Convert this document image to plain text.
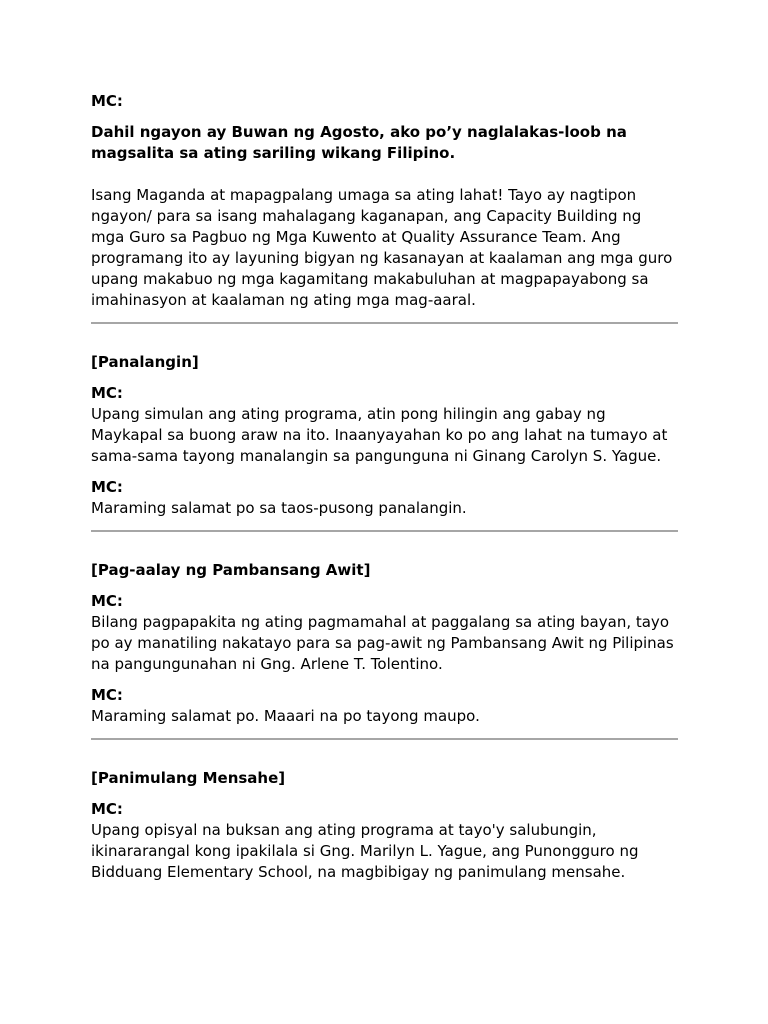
MC:

Dahil ngayon ay Buwan ng Agosto, ako po’y naglalakas-loob na magsalita sa ating sariling wikang Filipino.

Isang Maganda at mapagpalang umaga sa ating lahat! Tayo ay nagtipon ngayon/ para sa isang mahalagang kaganapan, ang Capacity Building ng mga Guro sa Pagbuo ng Mga Kuwento at Quality Assurance Team. Ang programang ito ay layuning bigyan ng kasanayan at kaalaman ang mga guro upang makabuo ng mga kagamitang makabuluhan at magpapayabong sa imahinasyon at kaalaman ng ating mga mag-aaral.

[Panalangin]

MC:

Upang simulan ang ating programa, atin pong hilingin ang gabay ng Maykapal sa buong araw na ito. Inaanyayahan ko po ang lahat na tumayo at sama-sama tayong manalangin sa pangunguna ni Ginang Carolyn S. Yague.

MC:

Maraming salamat po sa taos-pusong panalangin.

[Pag-aalay ng Pambansang Awit]

MC:

Bilang pagpapakita ng ating pagmamahal at paggalang sa ating bayan, tayo po ay manatiling nakatayo para sa pag-awit ng Pambansang Awit ng Pilipinas na pangungunahan ni Gng. Arlene T. Tolentino.

MC:

Maraming salamat po. Maaari na po tayong maupo.

[Panimulang Mensahe]

MC:

Upang opisyal na buksan ang ating programa at tayo'y salubungin, ikinararangal kong ipakilala si Gng. Marilyn L. Yague, ang Punongguro ng Bidduang Elementary School, na magbibigay ng panimulang mensahe.
